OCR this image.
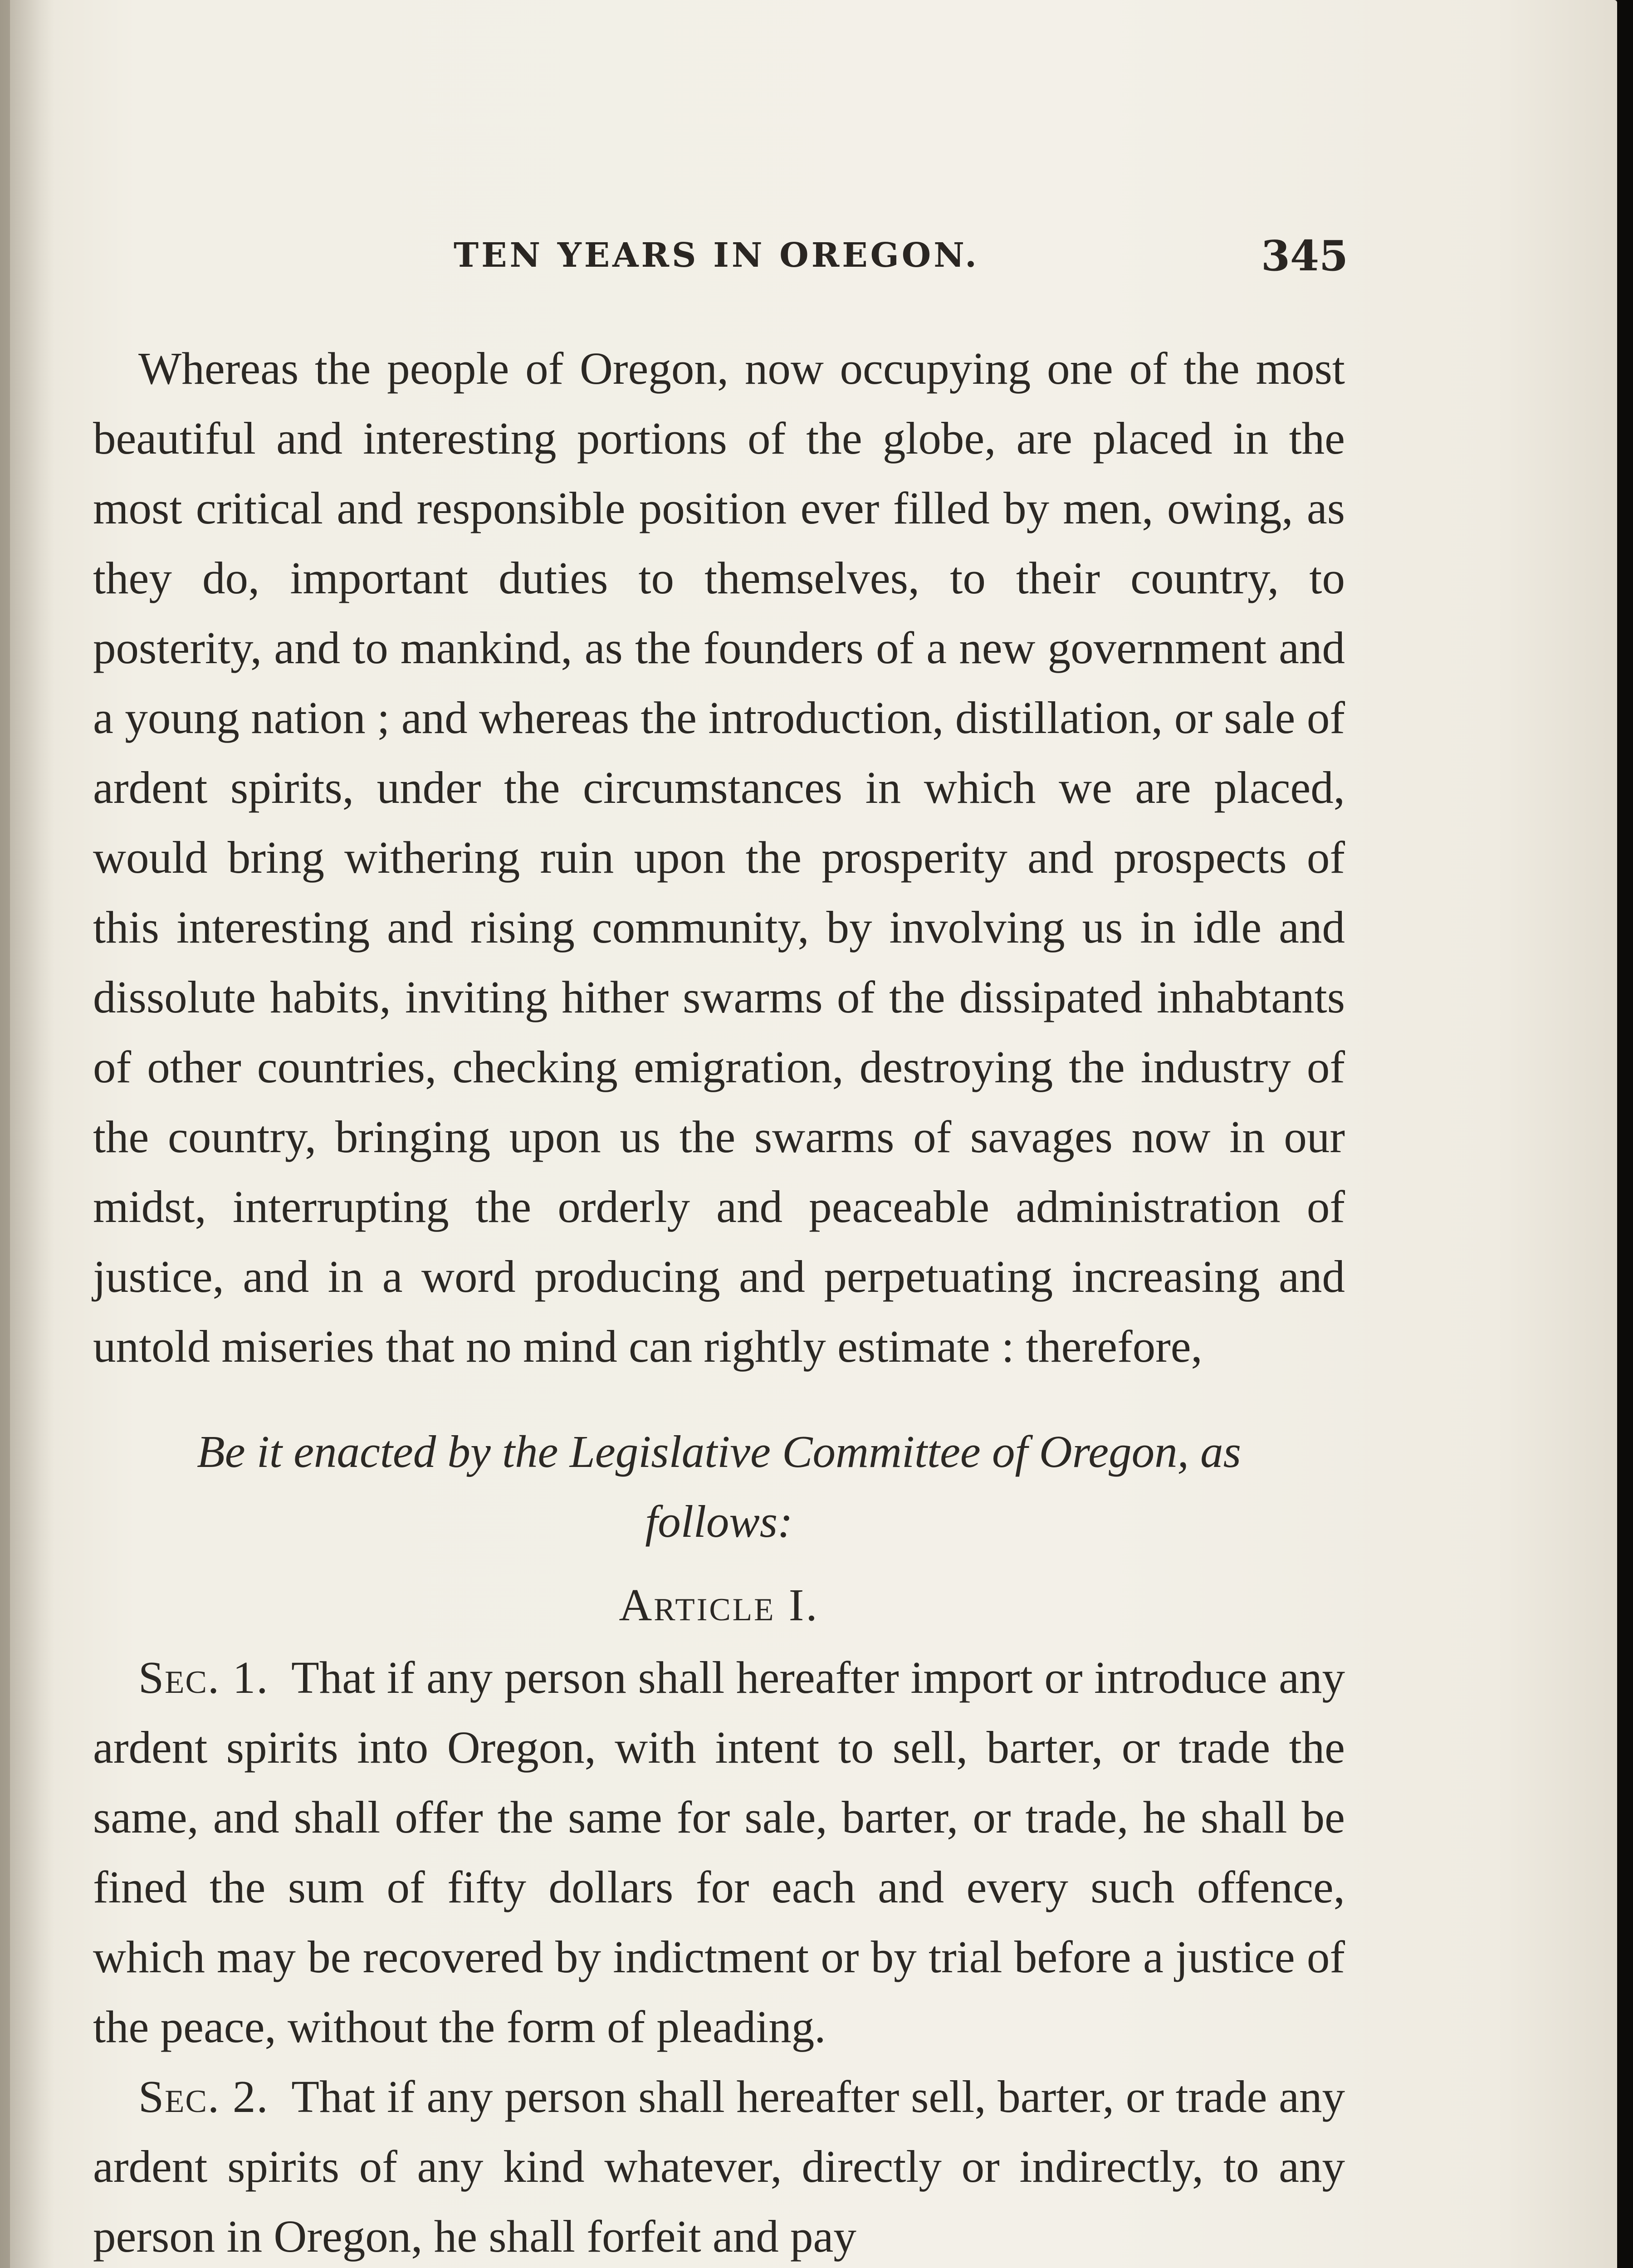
TEN YEARS IN OREGON.	345

Whereas the people of Oregon, now occupying one of the most beautiful and interesting portions of the globe, are placed in the most critical and responsible position ever filled by men, owing, as they do, important duties to themselves, to their country, to posterity, and to mankind, as the founders of a new government and a young nation ; and whereas the introduction, distillation, or sale of ardent spirits, under the circumstances in which we are placed, would bring withering ruin upon the prosperity and prospects of this interesting and rising community, by involving us in idle and dissolute habits, inviting hither swarms of the dissipated inhabtants of other countries, checking emigration, destroying the industry of the country, bringing upon us the swarms of savages now in our midst, interrupting the orderly and peaceable administration of justice, and in a word producing and perpetuating increasing and untold miseries that no mind can rightly estimate : therefore,

Be it enacted by the Legislative Committee of Oregon, as
follows:

Article I.

Sec. 1. That if any person shall hereafter import or introduce any ardent spirits into Oregon, with intent to sell, barter, or trade the same, and shall offer the same for sale, barter, or trade, he shall be fined the sum of fifty dollars for each and every such offence, which may be recovered by indictment or by trial before a justice of the peace, without the form of pleading.

Sec. 2. That if any person shall hereafter sell, barter, or trade any ardent spirits of any kind whatever, directly or indirectly, to any person in Oregon, he shall forfeit and pay
